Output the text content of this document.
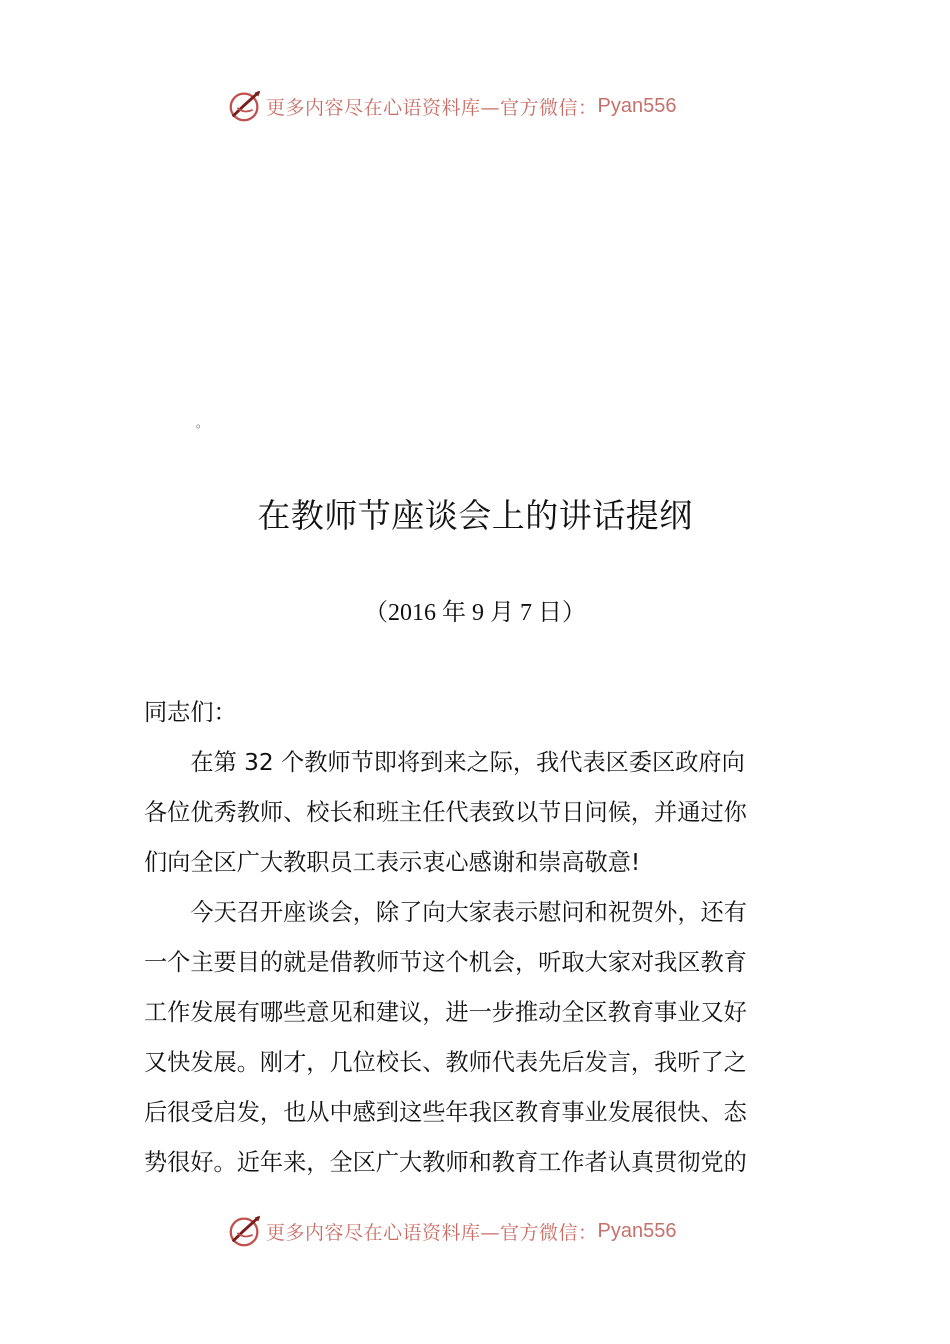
更多内容尽在心语资料库—官方微信： Pyan556
。
在教师节座谈会上的讲话提纲
（2016 年 9 月 7 日）

同志们：

在第 32 个教师节即将到来之际，我代表区委区政府向
各位优秀教师、校长和班主任代表致以节日问候，并通过你
们向全区广大教职员工表示衷心感谢和崇高敬意!

今天召开座谈会，除了向大家表示慰问和祝贺外，还有
一个主要目的就是借教师节这个机会，听取大家对我区教育
工作发展有哪些意见和建议，进一步推动全区教育事业又好
又快发展。刚才，几位校长、教师代表先后发言，我听了之
后很受启发，也从中感到这些年我区教育事业发展很快、态
势很好。近年来，全区广大教师和教育工作者认真贯彻党的

更多内容尽在心语资料库—官方微信： Pyan556
